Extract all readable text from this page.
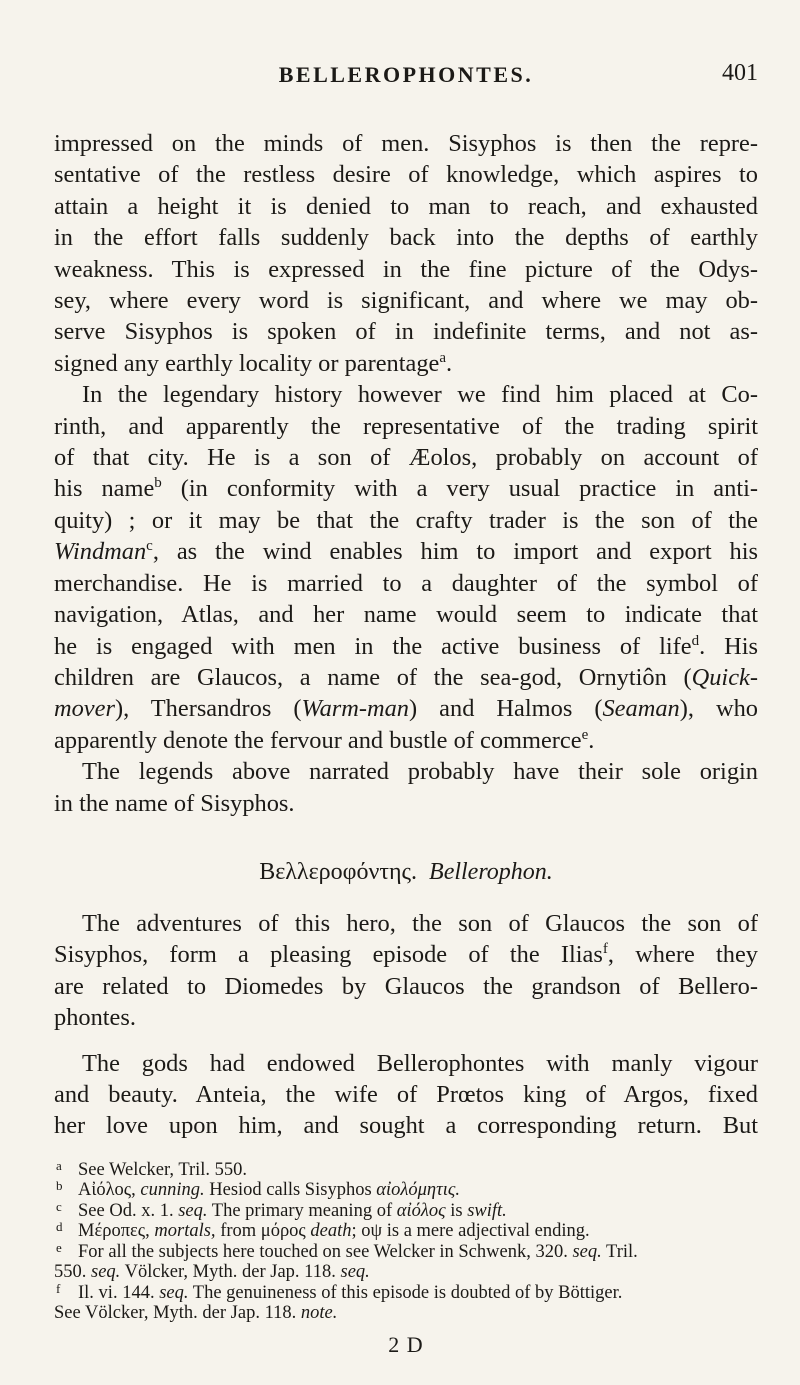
BELLEROPHONTES.	401

impressed on the minds of men. Sisyphos is then the repre-
sentative of the restless desire of knowledge, which aspires to
attain a height it is denied to man to reach, and exhausted
in the effort falls suddenly back into the depths of earthly
weakness. This is expressed in the fine picture of the Odys-
sey, where every word is significant, and where we may ob-
serve Sisyphos is spoken of in indefinite terms, and not as-

signed any earthly locality or parentage$^a$.

In the legendary history however we find him placed at Co-
rinth, and apparently the representative of the trading spirit
of that city. He is a son of Æolos, probably on account of
his name$^b$ (in conformity with a very usual practice in anti-
quity) ; or it may be that the crafty trader is the son of the
Windman$^c$, as the wind enables him to import and export his
merchandise. He is married to a daughter of the symbol of
navigation, Atlas, and her name would seem to indicate that
he is engaged with men in the active business of life$^d$. His
children are Glaucos, a name of the sea-god, Ornytiôn (Quick-
mover), Thersandros (Warm-man) and Halmos (Seaman), who

apparently denote the fervour and bustle of commerce$^e$.

The legends above narrated probably have their sole origin

in the name of Sisyphos.

Βελλεροφόντης. Bellerophon.

The adventures of this hero, the son of Glaucos the son of
Sisyphos, form a pleasing episode of the Ilias$^f$, where they
are related to Diomedes by Glaucos the grandson of Bellero-

phontes.

The gods had endowed Bellerophontes with manly vigour
and beauty. Anteia, the wife of Prœtos king of Argos, fixed
her love upon him, and sought a corresponding return. But

a See Welcker, Tril. 550.
b Αἰόλος, cunning. Hesiod calls Sisyphos αἰολόμητις.
c See Od. x. 1. seq. The primary meaning of αἰόλος is swift.
d Μέροπες, mortals, from μόρος death; οψ is a mere adjectival ending.
e For all the subjects here touched on see Welcker in Schwenk, 320. seq. Tril.
550. seq. Völcker, Myth. der Jap. 118. seq.
f Il. vi. 144. seq. The genuineness of this episode is doubted of by Böttiger.
See Völcker, Myth. der Jap. 118. note.
2 D
